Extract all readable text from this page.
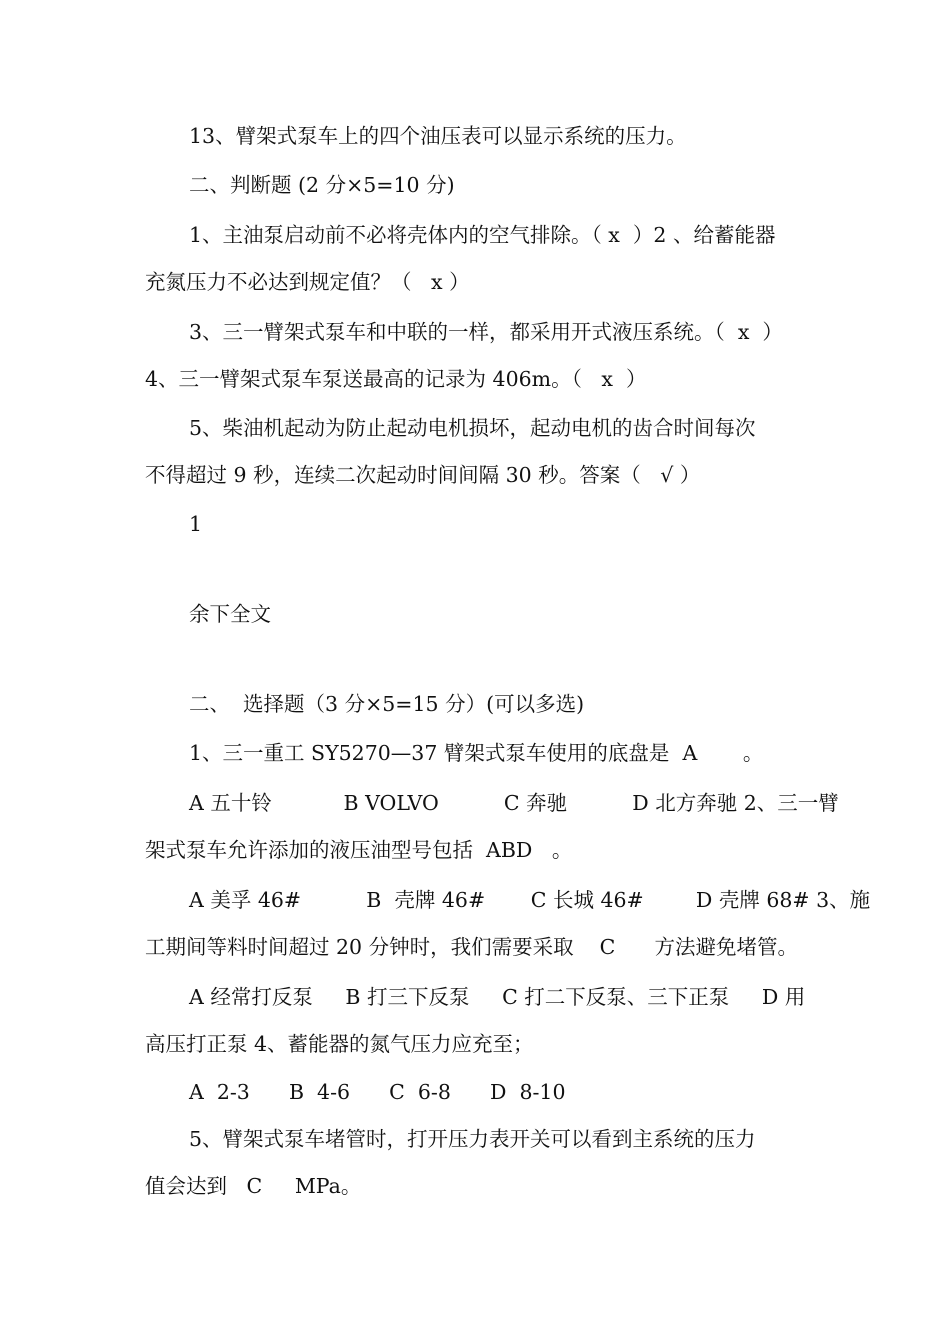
13、臂架式泵车上的四个油压表可以显示系统的压力。
二、判断题 (2 分×5=10 分)
1、主油泵启动前不必将壳体内的空气排除。（ x  ）2 、给蓄能器
充氮压力不必达到规定值？（   x ）
3、三一臂架式泵车和中联的一样，都采用开式液压系统。（  x  ）
4、三一臂架式泵车泵送最高的记录为 406m。（   x  ）
5、柴油机起动为防止起动电机损坏，起动电机的齿合时间每次
不得超过 9 秒，连续二次起动时间间隔 30 秒。答案（   √ ）
1
余下全文
二、  选择题（3 分×5=15 分）(可以多选)
1、三一重工 SY5270—37 臂架式泵车使用的底盘是  A       。
A 五十铃           B VOLVO          C 奔驰          D 北方奔驰 2、三一臂
架式泵车允许添加的液压油型号包括  ABD   。
A 美孚 46#          B  壳牌 46#       C 长城 46#        D 壳牌 68# 3、施
工期间等料时间超过 20 分钟时，我们需要采取    C      方法避免堵管。
A 经常打反泵     B 打三下反泵     C 打二下反泵、三下正泵     D 用
高压打正泵 4、蓄能器的氮气压力应充至；
A  2-3      B  4-6      C  6-8      D  8-10
5、臂架式泵车堵管时，打开压力表开关可以看到主系统的压力
值会达到   C     MPa。
